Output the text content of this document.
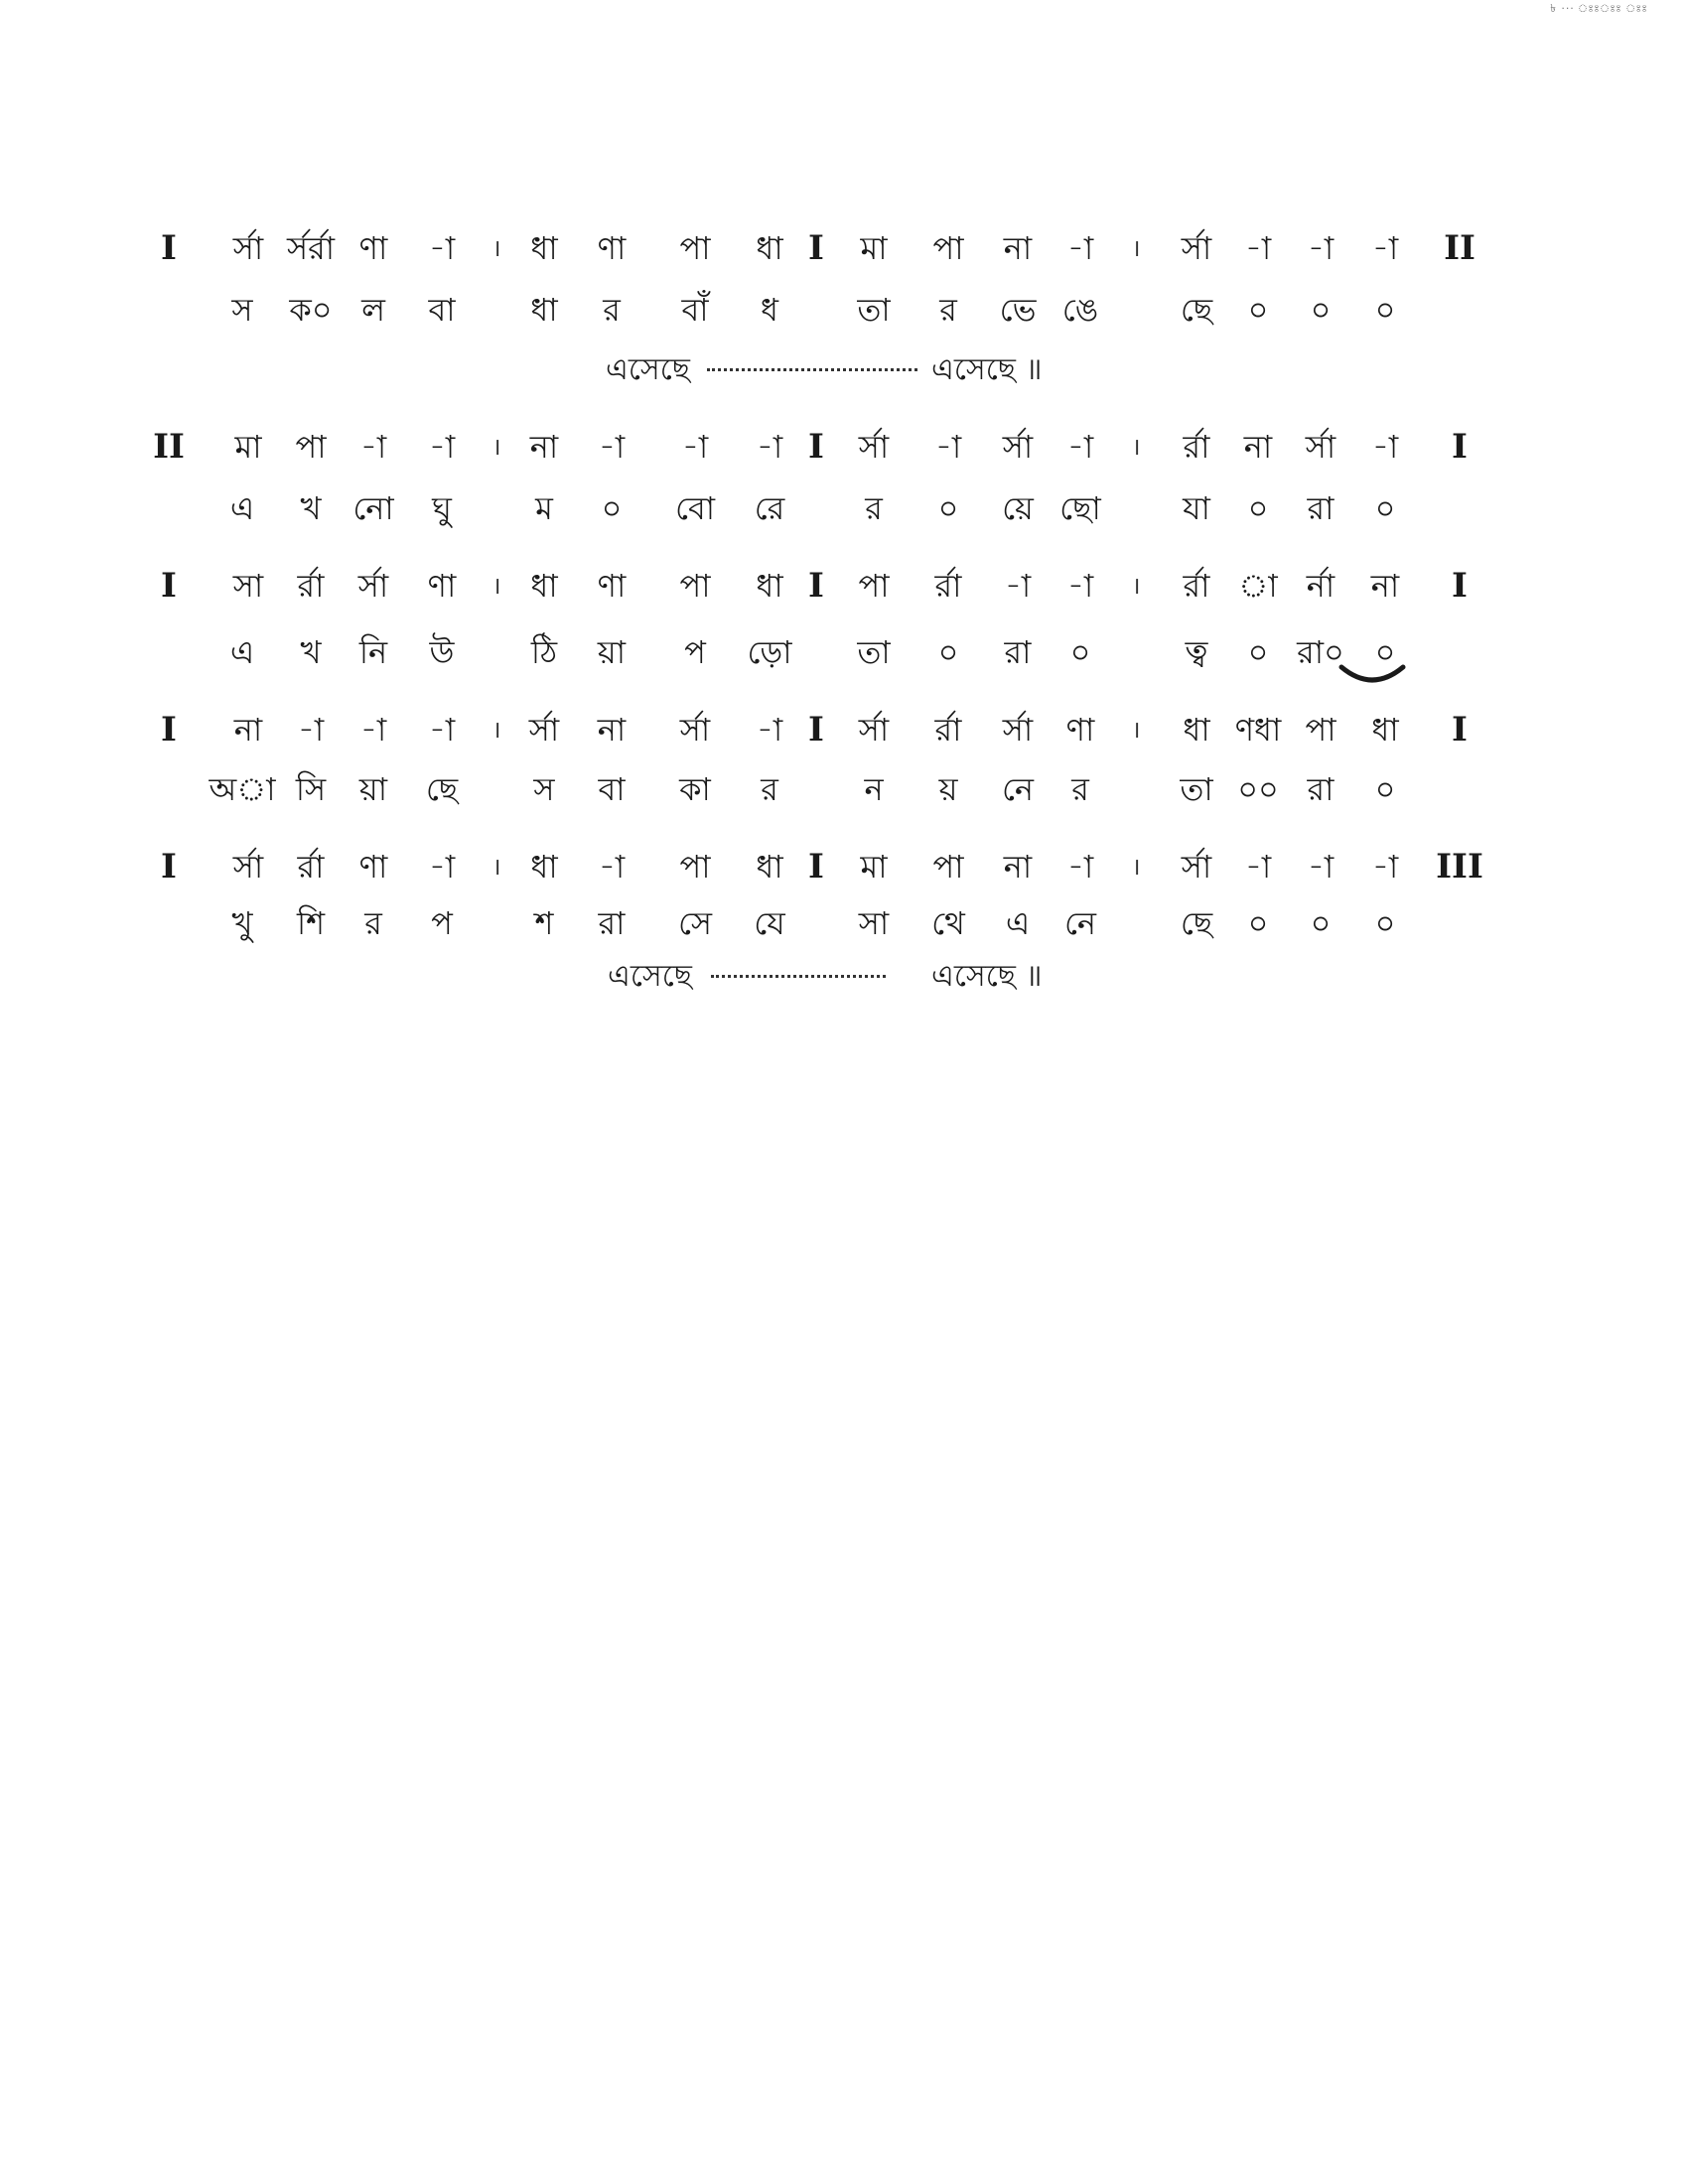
৳ ··· ঃঃঃঃ ঃঃ
I র্সা র্সর্রা ণা -া । ধা ণা পা ধা I মা পা না -া । র্সা -া -া -া II
স ক০ ল বা ধা র বাঁ ধ তা র ভে ঙে	ছে ০ ০ ০
এসেছে	এসেছে ॥
II মা পা -া -া । না -া -া -া I র্সা -া র্সা -া । র্রা না র্সা -া I
এ খ নো ঘু	ম ০ বো রে	র ০ য়ে ছো	যা ০ রা ০
I সা র্রা র্সা ণা । ধা ণা পা ধা I পা র্রা -া -া । র্রা া র্না না I
এ খ নি উ ঠি য়া প ড়ো তা ০ রা ০	ত্ব ০ রা০ ০
I না -া -া -া । র্সা না র্সা -া I র্সা র্রা র্সা ণা । ধা ণধা পা ধা I
অা সি য়া ছে স বা কা র	ন য় নে র	তা ০০ রা ০
I র্সা র্রা ণা -া । ধা -া পা ধা I মা পা না -া । র্সা -া -া -া III
খু শি র প	শ রা সে যে সা থে এ নে	ছে ০ ০ ০
এসেছে	এসেছে ॥
